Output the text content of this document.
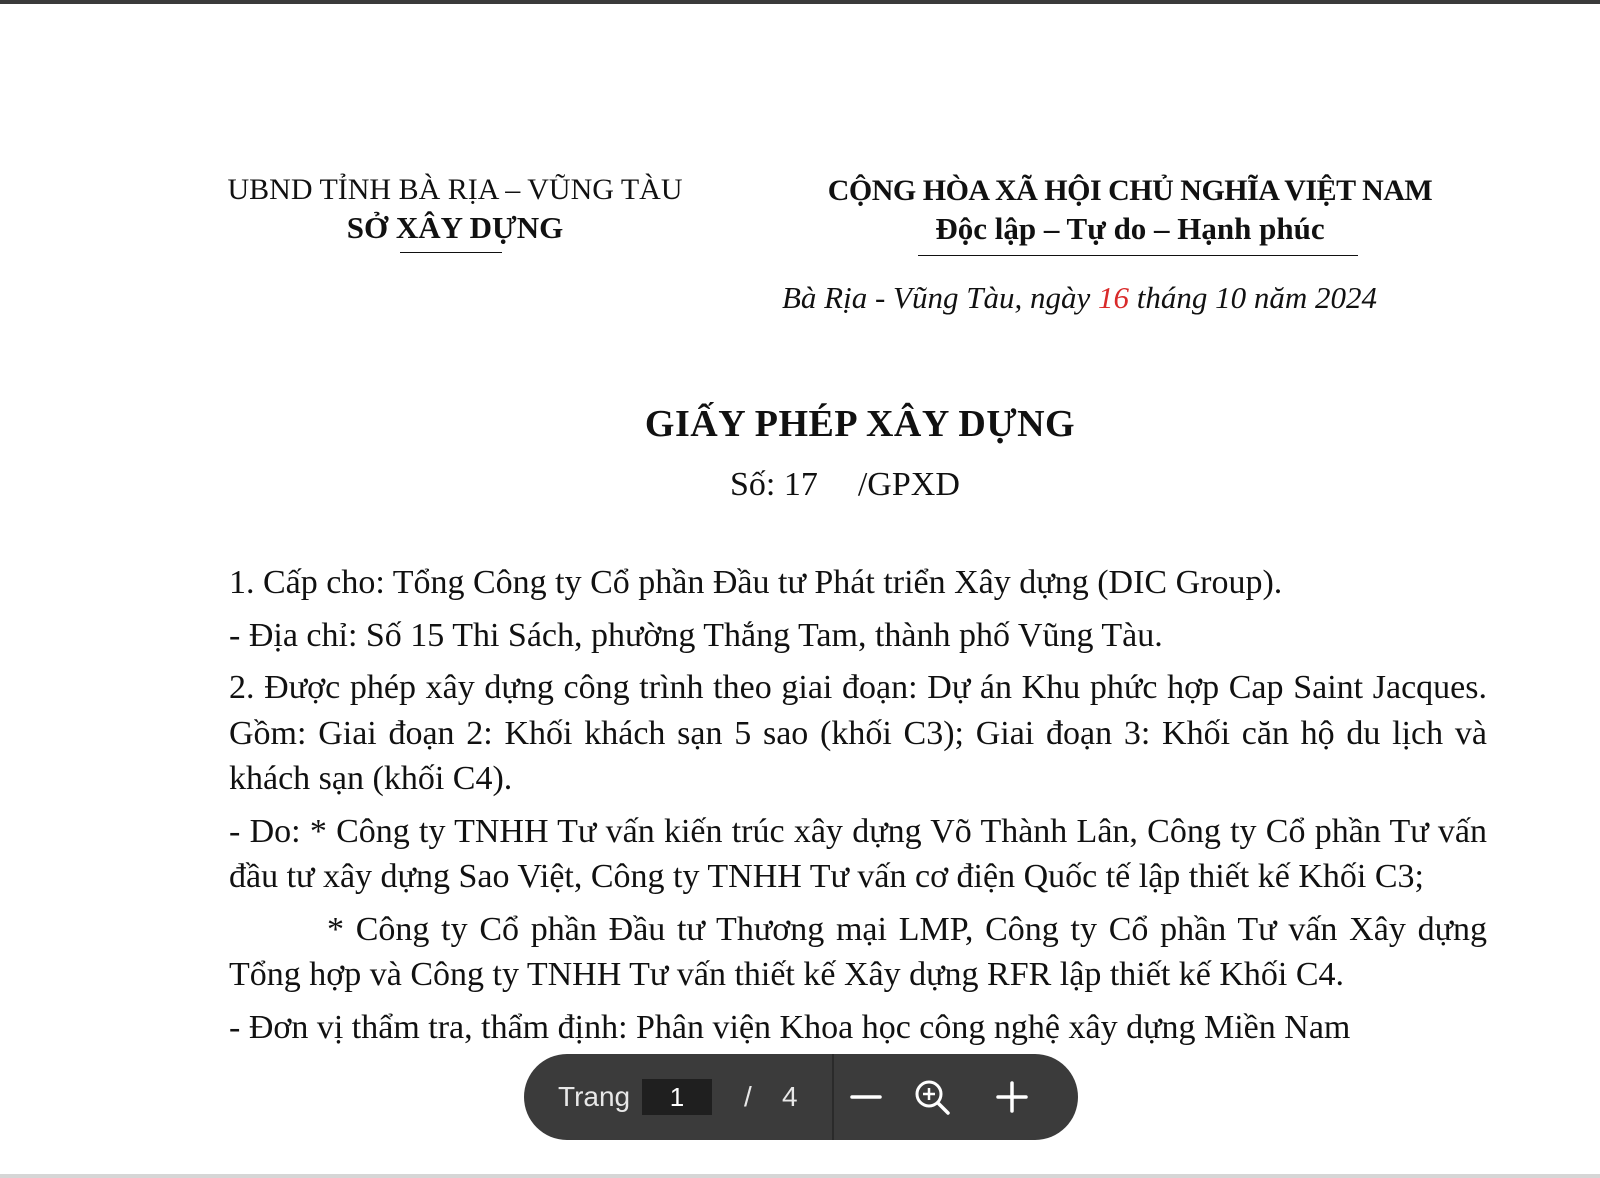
UBND TỈNH BÀ RỊA – VŨNG TÀU
SỞ XÂY DỰNG
CỘNG HÒA XÃ HỘI CHỦ NGHĨA VIỆT NAM
Độc lập – Tự do – Hạnh phúc
Bà Rịa - Vũng Tàu, ngày 16 tháng 10 năm 2024
GIẤY PHÉP XÂY DỰNG
Số: 17 /GPXD

1. Cấp cho: Tổng Công ty Cổ phần Đầu tư Phát triển Xây dựng (DIC Group).

- Địa chỉ: Số 15 Thi Sách, phường Thắng Tam, thành phố Vũng Tàu.

2. Được phép xây dựng công trình theo giai đoạn: Dự án Khu phức hợp Cap Saint Jacques. Gồm: Giai đoạn 2: Khối khách sạn 5 sao (khối C3); Giai đoạn 3: Khối căn hộ du lịch và khách sạn (khối C4).

- Do: * Công ty TNHH Tư vấn kiến trúc xây dựng Võ Thành Lân, Công ty Cổ phần Tư vấn đầu tư xây dựng Sao Việt, Công ty TNHH Tư vấn cơ điện Quốc tế lập thiết kế Khối C3;

* Công ty Cổ phần Đầu tư Thương mại LMP, Công ty Cổ phần Tư vấn Xây dựng Tổng hợp và Công ty TNHH Tư vấn thiết kế Xây dựng RFR lập thiết kế Khối C4.

- Đơn vị thẩm tra, thẩm định: Phân viện Khoa học công nghệ xây dựng Miền Nam

Trang	1	/ 4
